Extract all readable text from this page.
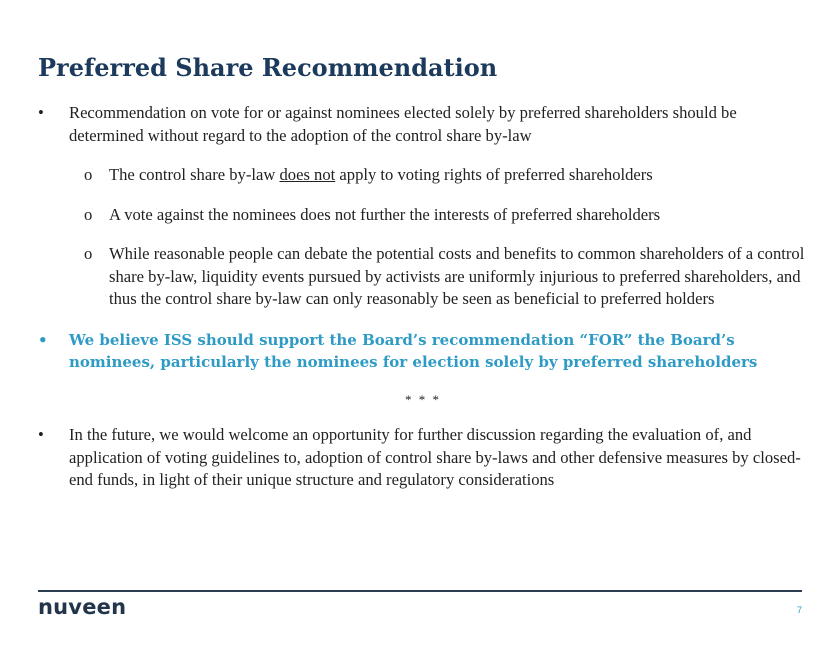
Preferred Share Recommendation
• Recommendation on vote for or against nominees elected solely by preferred shareholders should be determined without regard to the adoption of the control share by-law
o The control share by-law does not apply to voting rights of preferred shareholders
o A vote against the nominees does not further the interests of preferred shareholders
o While reasonable people can debate the potential costs and benefits to common shareholders of a control share by-law, liquidity events pursued by activists are uniformly injurious to preferred shareholders, and thus the control share by-law can only reasonably be seen as beneficial to preferred holders
• We believe ISS should support the Board’s recommendation “FOR” the Board’s nominees, particularly the nominees for election solely by preferred shareholders
* * *
• In the future, we would welcome an opportunity for further discussion regarding the evaluation of, and application of voting guidelines to, adoption of control share by-laws and other defensive measures by closed-end funds, in light of their unique structure and regulatory considerations
nuveen	7
